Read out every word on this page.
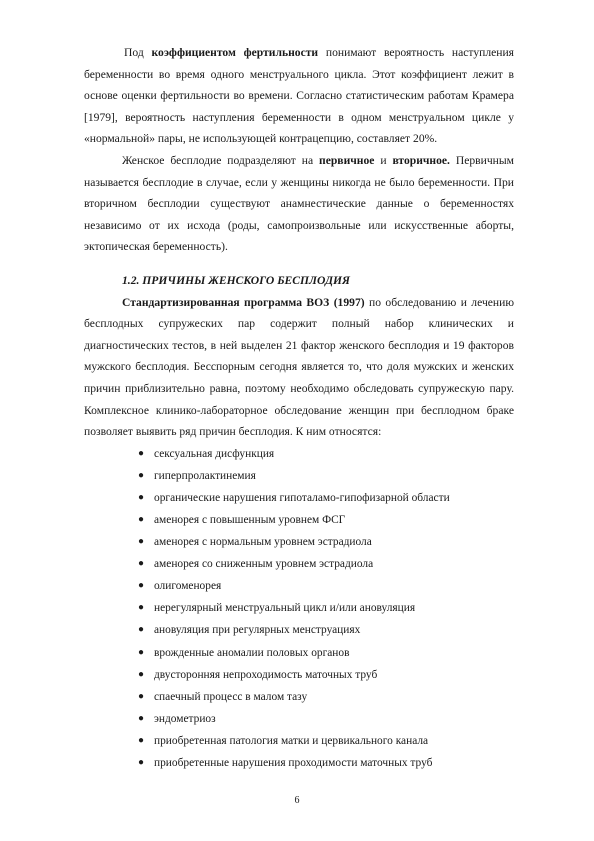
Под коэффициентом фертильности понимают вероятность наступления беременности во время одного менструального цикла. Этот коэффициент лежит в основе оценки фертильности во времени. Согласно статистическим работам Крамера [1979], вероятность наступления беременности в одном менструальном цикле у «нормальной» пары, не использующей контрацепцию, составляет 20%.

Женское бесплодие подразделяют на первичное и вторичное. Первичным называется бесплодие в случае, если у женщины никогда не было беременности. При вторичном бесплодии существуют анамнестические данные о беременностях независимо от их исхода (роды, самопроизвольные или искусственные аборты, эктопическая беременность).

1.2. ПРИЧИНЫ ЖЕНСКОГО БЕСПЛОДИЯ

Стандартизированная программа ВОЗ (1997) по обследованию и лечению бесплодных супружеских пар содержит полный набор клинических и диагностических тестов, в ней выделен 21 фактор женского бесплодия и 19 факторов мужского бесплодия. Бесспорным сегодня является то, что доля мужских и женских причин приблизительно равна, поэтому необходимо обследовать супружескую пару. Комплексное клинико-лабораторное обследование женщин при бесплодном браке позволяет выявить ряд причин бесплодия. К ним относятся:

● сексуальная дисфункция
● гиперпролактинемия
● органические нарушения гипоталамо-гипофизарной области
● аменорея с повышенным уровнем ФСГ
● аменорея с нормальным уровнем эстрадиола
● аменорея со сниженным уровнем эстрадиола
● олигоменорея
● нерегулярный менструальный цикл и/или ановуляция
● ановуляция при регулярных менструациях
● врожденные аномалии половых органов
● двусторонняя непроходимость маточных труб
● спаечный процесс в малом тазу
● эндометриоз
● приобретенная патология матки и цервикального канала
● приобретенные нарушения проходимости маточных труб
6
